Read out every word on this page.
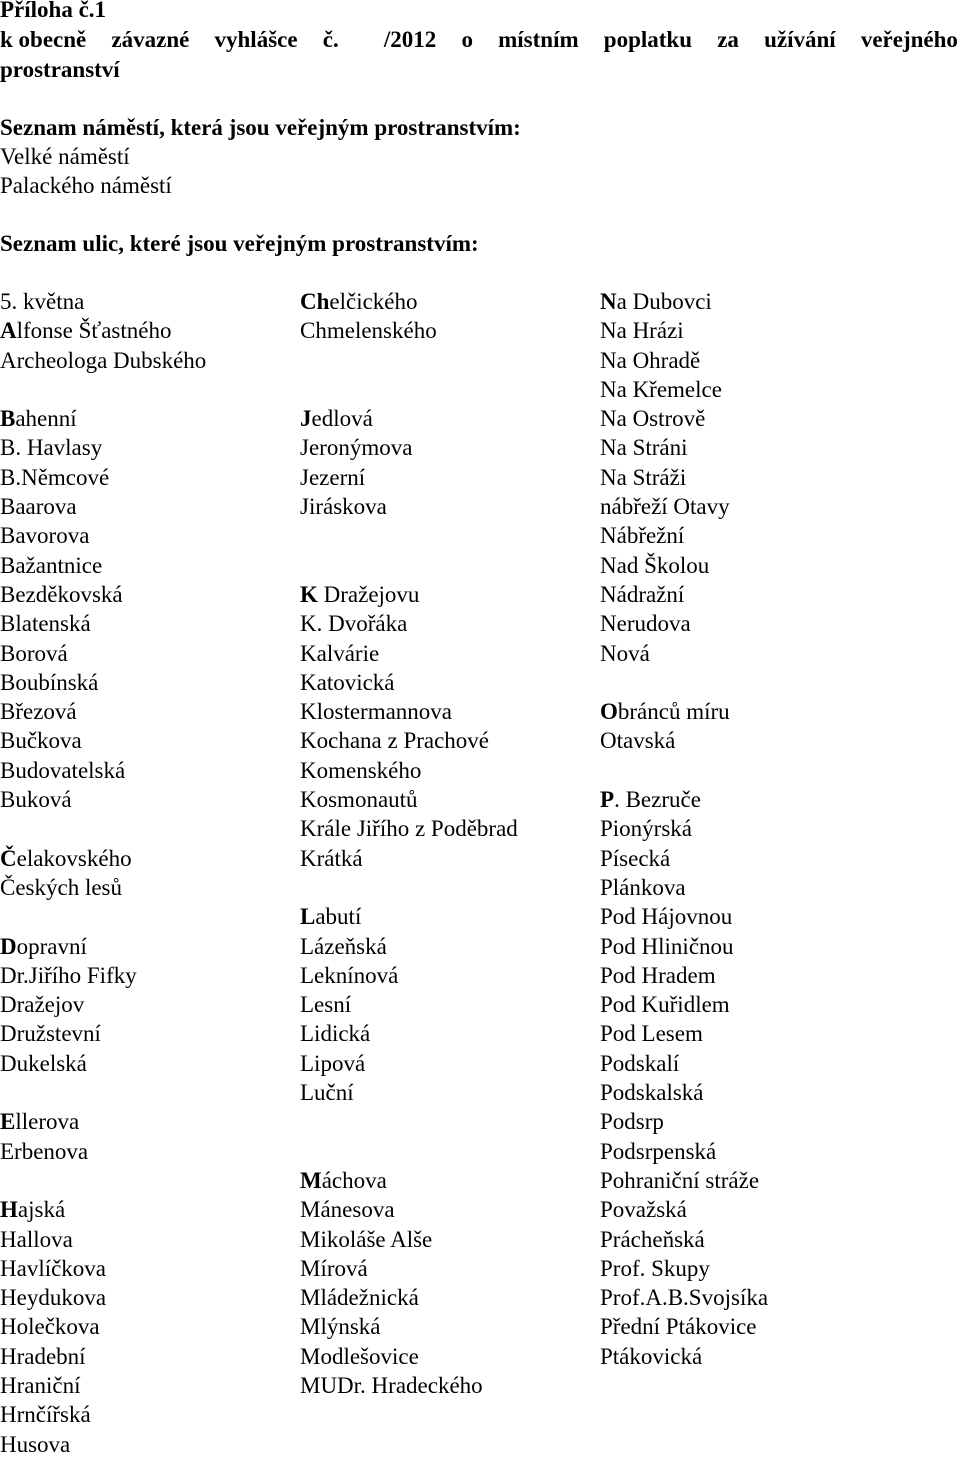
Příloha č.1
k obecně závazné vyhlášce č. /2012 o místním poplatku za užívání veřejného
prostranství
Seznam náměstí, která jsou veřejným prostranstvím:
Velké náměstí
Palackého náměstí
Seznam ulic, které jsou veřejným prostranstvím:
5. května
Alfonse Šťastného
Archeologa Dubského
Bahenní
B. Havlasy
B.Němcové
Baarova
Bavorova
Bažantnice
Bezděkovská
Blatenská
Borová
Boubínská
Březová
Bučkova
Budovatelská
Buková
Čelakovského
Českých lesů
Dopravní
Dr.Jiřího Fifky
Dražejov
Družstevní
Dukelská
Ellerova
Erbenova
Hajská
Hallova
Havlíčkova
Heydukova
Holečkova
Hradební
Hraniční
Hrnčířská
Husova
Chelčického
Chmelenského
Jedlová
Jeronýmova
Jezerní
Jiráskova
K Dražejovu
K. Dvořáka
Kalvárie
Katovická
Klostermannova
Kochana z Prachové
Komenského
Kosmonautů
Krále Jiřího z Poděbrad
Krátká
Labutí
Lázeňská
Leknínová
Lesní
Lidická
Lipová
Luční
Máchova
Mánesova
Mikoláše Alše
Mírová
Mládežnická
Mlýnská
Modlešovice
MUDr. Hradeckého
Na Dubovci
Na Hrázi
Na Ohradě
Na Křemelce
Na Ostrově
Na Stráni
Na Stráži
nábřeží Otavy
Nábřežní
Nad Školou
Nádražní
Nerudova
Nová
Obránců míru
Otavská
P. Bezruče
Pionýrská
Písecká
Plánkova
Pod Hájovnou
Pod Hliničnou
Pod Hradem
Pod Kuřidlem
Pod Lesem
Podskalí
Podskalská
Podsrp
Podsrpenská
Pohraniční stráže
Považská
Prácheňská
Prof. Skupy
Prof.A.B.Svojsíka
Přední Ptákovice
Ptákovická
